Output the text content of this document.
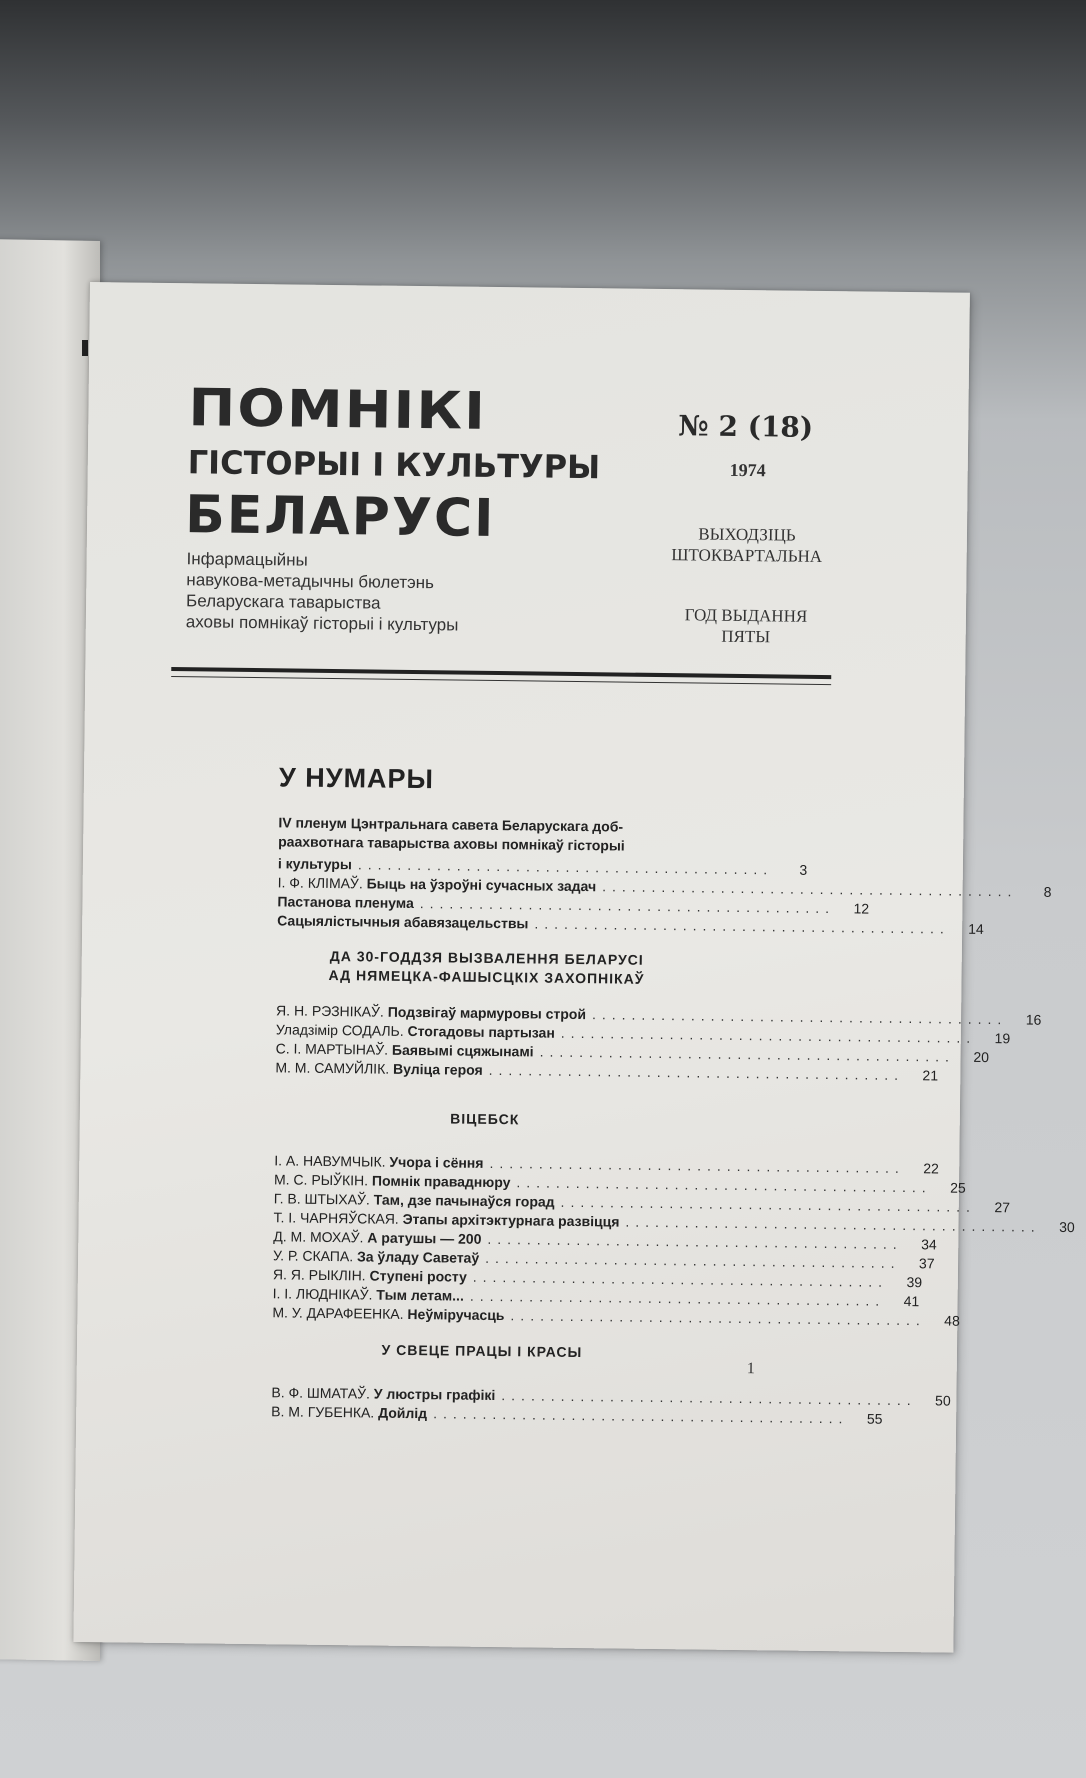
ПОМНІКІ
ГІСТОРЫІ І КУЛЬТУРЫ
БЕЛАРУСІ
Інфармацыйны
навукова-метадычны бюлетэнь
Беларускага таварыства
аховы помнікаў гісторыі і культуры
№ 2 (18)
1974
ВЫХОДЗІЦЬ
ШТОКВАРТАЛЬНА
ГОД ВЫДАННЯ
ПЯТЫ
У НУМАРЫ
IV пленум Цэнтральнага савета Беларускага доб-
раахвотнага таварыства аховы помнікаў гісторыі
і культуры ..........................................	3
І. Ф. КЛІМАЎ. Быць на ўзроўні сучасных задач ..........................................	8
Пастанова пленума ..........................................	12
Сацыялістычныя абавязацельствы ..........................................	14
ДА 30-ГОДДЗЯ ВЫЗВАЛЕННЯ БЕЛАРУСІ
АД НЯМЕЦКА-ФАШЫСЦКІХ ЗАХОПНІКАЎ
Я. Н. РЭЗНІКАЎ. Подзвігаў мармуровы строй ..........................................	16
Уладзімір СОДАЛЬ. Стогадовы партызан ..........................................	19
С. І. МАРТЫНАЎ. Баявымі сцяжынамі ..........................................	20
М. М. САМУЙЛІК. Вуліца героя ..........................................	21
ВІЦЕБСК
І. А. НАВУМЧЫК. Учора і сёння ..........................................	22
М. С. РЫЎКІН. Помнік праваднюру ..........................................	25
Г. В. ШТЫХАЎ. Там, дзе пачынаўся горад ..........................................	27
Т. І. ЧАРНЯЎСКАЯ. Этапы архітэктурнага развіцця ..........................................	30
Д. М. МОХАЎ. А ратушы — 200 ..........................................	34
У. Р. СКАПА. За ўладу Саветаў ..........................................	37
Я. Я. РЫКЛІН. Ступені росту ..........................................	39
І. І. ЛЮДНІКАЎ. Тым летам... ..........................................	41
М. У. ДАРАФЕЕНКА. Неўміручасць ..........................................	48
У СВЕЦЕ ПРАЦЫ І КРАСЫ
В. Ф. ШМАТАЎ. У люстры графікі ..........................................	50
В. М. ГУБЕНКА. Дойлід ..........................................	55
1
